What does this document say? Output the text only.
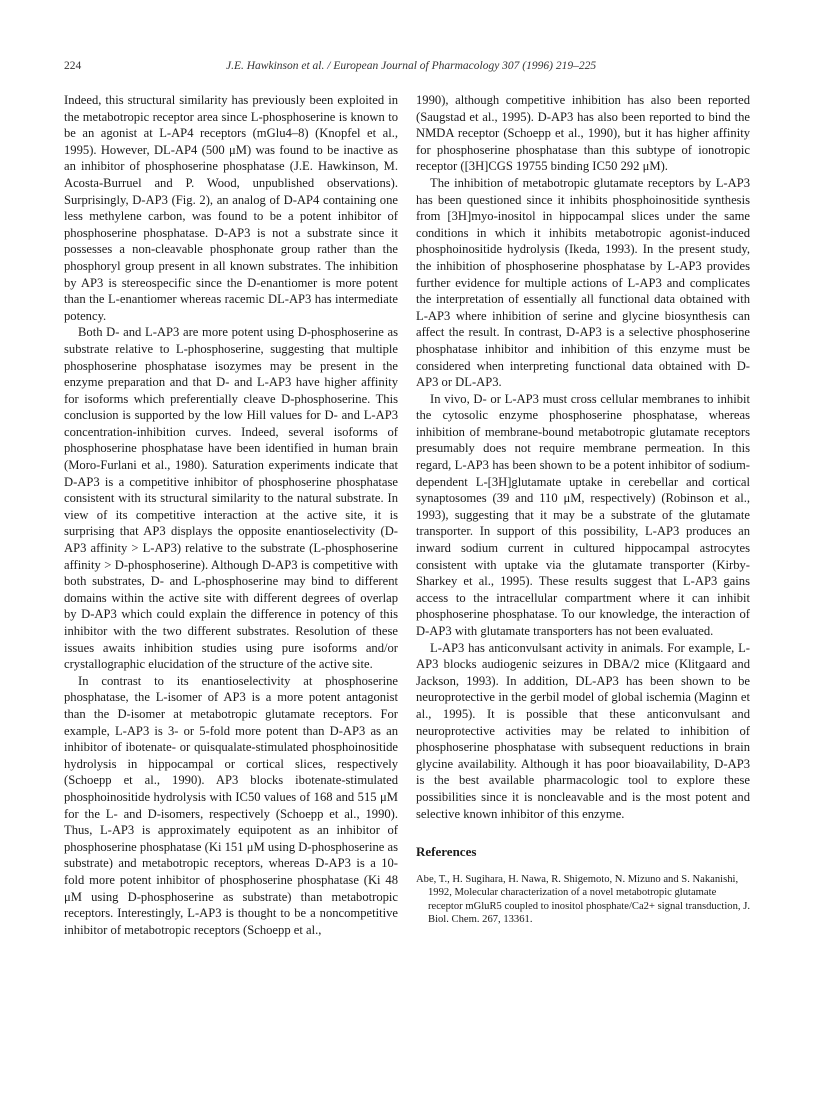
224	J.E. Hawkinson et al. / European Journal of Pharmacology 307 (1996) 219–225

Indeed, this structural similarity has previously been exploited in the metabotropic receptor area since L-phosphoserine is known to be an agonist at L-AP4 receptors (mGlu4–8) (Knopfel et al., 1995). However, DL-AP4 (500 μM) was found to be inactive as an inhibitor of phosphoserine phosphatase (J.E. Hawkinson, M. Acosta-Burruel and P. Wood, unpublished observations). Surprisingly, D-AP3 (Fig. 2), an analog of D-AP4 containing one less methylene carbon, was found to be a potent inhibitor of phosphoserine phosphatase. D-AP3 is not a substrate since it possesses a non-cleavable phosphonate group rather than the phosphoryl group present in all known substrates. The inhibition by AP3 is stereospecific since the D-enantiomer is more potent than the L-enantiomer whereas racemic DL-AP3 has intermediate potency.

Both D- and L-AP3 are more potent using D-phosphoserine as substrate relative to L-phosphoserine, suggesting that multiple phosphoserine phosphatase isozymes may be present in the enzyme preparation and that D- and L-AP3 have higher affinity for isoforms which preferentially cleave D-phosphoserine. This conclusion is supported by the low Hill values for D- and L-AP3 concentration-inhibition curves. Indeed, several isoforms of phosphoserine phosphatase have been identified in human brain (Moro-Furlani et al., 1980). Saturation experiments indicate that D-AP3 is a competitive inhibitor of phosphoserine phosphatase consistent with its structural similarity to the natural substrate. In view of its competitive interaction at the active site, it is surprising that AP3 displays the opposite enantioselectivity (D-AP3 affinity > L-AP3) relative to the substrate (L-phosphoserine affinity > D-phosphoserine). Although D-AP3 is competitive with both substrates, D- and L-phosphoserine may bind to different domains within the active site with different degrees of overlap by D-AP3 which could explain the difference in potency of this inhibitor with the two different substrates. Resolution of these issues awaits inhibition studies using pure isoforms and/or crystallographic elucidation of the structure of the active site.

In contrast to its enantioselectivity at phosphoserine phosphatase, the L-isomer of AP3 is a more potent antagonist than the D-isomer at metabotropic glutamate receptors. For example, L-AP3 is 3- or 5-fold more potent than D-AP3 as an inhibitor of ibotenate- or quisqualate-stimulated phosphoinositide hydrolysis in hippocampal or cortical slices, respectively (Schoepp et al., 1990). AP3 blocks ibotenate-stimulated phosphoinositide hydrolysis with IC50 values of 168 and 515 μM for the L- and D-isomers, respectively (Schoepp et al., 1990). Thus, L-AP3 is approximately equipotent as an inhibitor of phosphoserine phosphatase (Ki 151 μM using D-phosphoserine as substrate) and metabotropic receptors, whereas D-AP3 is a 10-fold more potent inhibitor of phosphoserine phosphatase (Ki 48 μM using D-phosphoserine as substrate) than metabotropic receptors. Interestingly, L-AP3 is thought to be a noncompetitive inhibitor of metabotropic receptors (Schoepp et al.,

1990), although competitive inhibition has also been reported (Saugstad et al., 1995). D-AP3 has also been reported to bind the NMDA receptor (Schoepp et al., 1990), but it has higher affinity for phosphoserine phosphatase than this subtype of ionotropic receptor ([3H]CGS 19755 binding IC50 292 μM).

The inhibition of metabotropic glutamate receptors by L-AP3 has been questioned since it inhibits phosphoinositide synthesis from [3H]myo-inositol in hippocampal slices under the same conditions in which it inhibits metabotropic agonist-induced phosphoinositide hydrolysis (Ikeda, 1993). In the present study, the inhibition of phosphoserine phosphatase by L-AP3 provides further evidence for multiple actions of L-AP3 and complicates the interpretation of essentially all functional data obtained with L-AP3 where inhibition of serine and glycine biosynthesis can affect the result. In contrast, D-AP3 is a selective phosphoserine phosphatase inhibitor and inhibition of this enzyme must be considered when interpreting functional data obtained with D-AP3 or DL-AP3.

In vivo, D- or L-AP3 must cross cellular membranes to inhibit the cytosolic enzyme phosphoserine phosphatase, whereas inhibition of membrane-bound metabotropic glutamate receptors presumably does not require membrane permeation. In this regard, L-AP3 has been shown to be a potent inhibitor of sodium-dependent L-[3H]glutamate uptake in cerebellar and cortical synaptosomes (39 and 110 μM, respectively) (Robinson et al., 1993), suggesting that it may be a substrate of the glutamate transporter. In support of this possibility, L-AP3 produces an inward sodium current in cultured hippocampal astrocytes consistent with uptake via the glutamate transporter (Kirby-Sharkey et al., 1995). These results suggest that L-AP3 gains access to the intracellular compartment where it can inhibit phosphoserine phosphatase. To our knowledge, the interaction of D-AP3 with glutamate transporters has not been evaluated.

L-AP3 has anticonvulsant activity in animals. For example, L-AP3 blocks audiogenic seizures in DBA/2 mice (Klitgaard and Jackson, 1993). In addition, DL-AP3 has been shown to be neuroprotective in the gerbil model of global ischemia (Maginn et al., 1995). It is possible that these anticonvulsant and neuroprotective activities may be related to inhibition of phosphoserine phosphatase with subsequent reductions in brain glycine availability. Although it has poor bioavailability, D-AP3 is the best available pharmacologic tool to explore these possibilities since it is noncleavable and is the most potent and selective known inhibitor of this enzyme.

References

Abe, T., H. Sugihara, H. Nawa, R. Shigemoto, N. Mizuno and S. Nakanishi, 1992, Molecular characterization of a novel metabotropic glutamate receptor mGluR5 coupled to inositol phosphate/Ca2+ signal transduction, J. Biol. Chem. 267, 13361.
